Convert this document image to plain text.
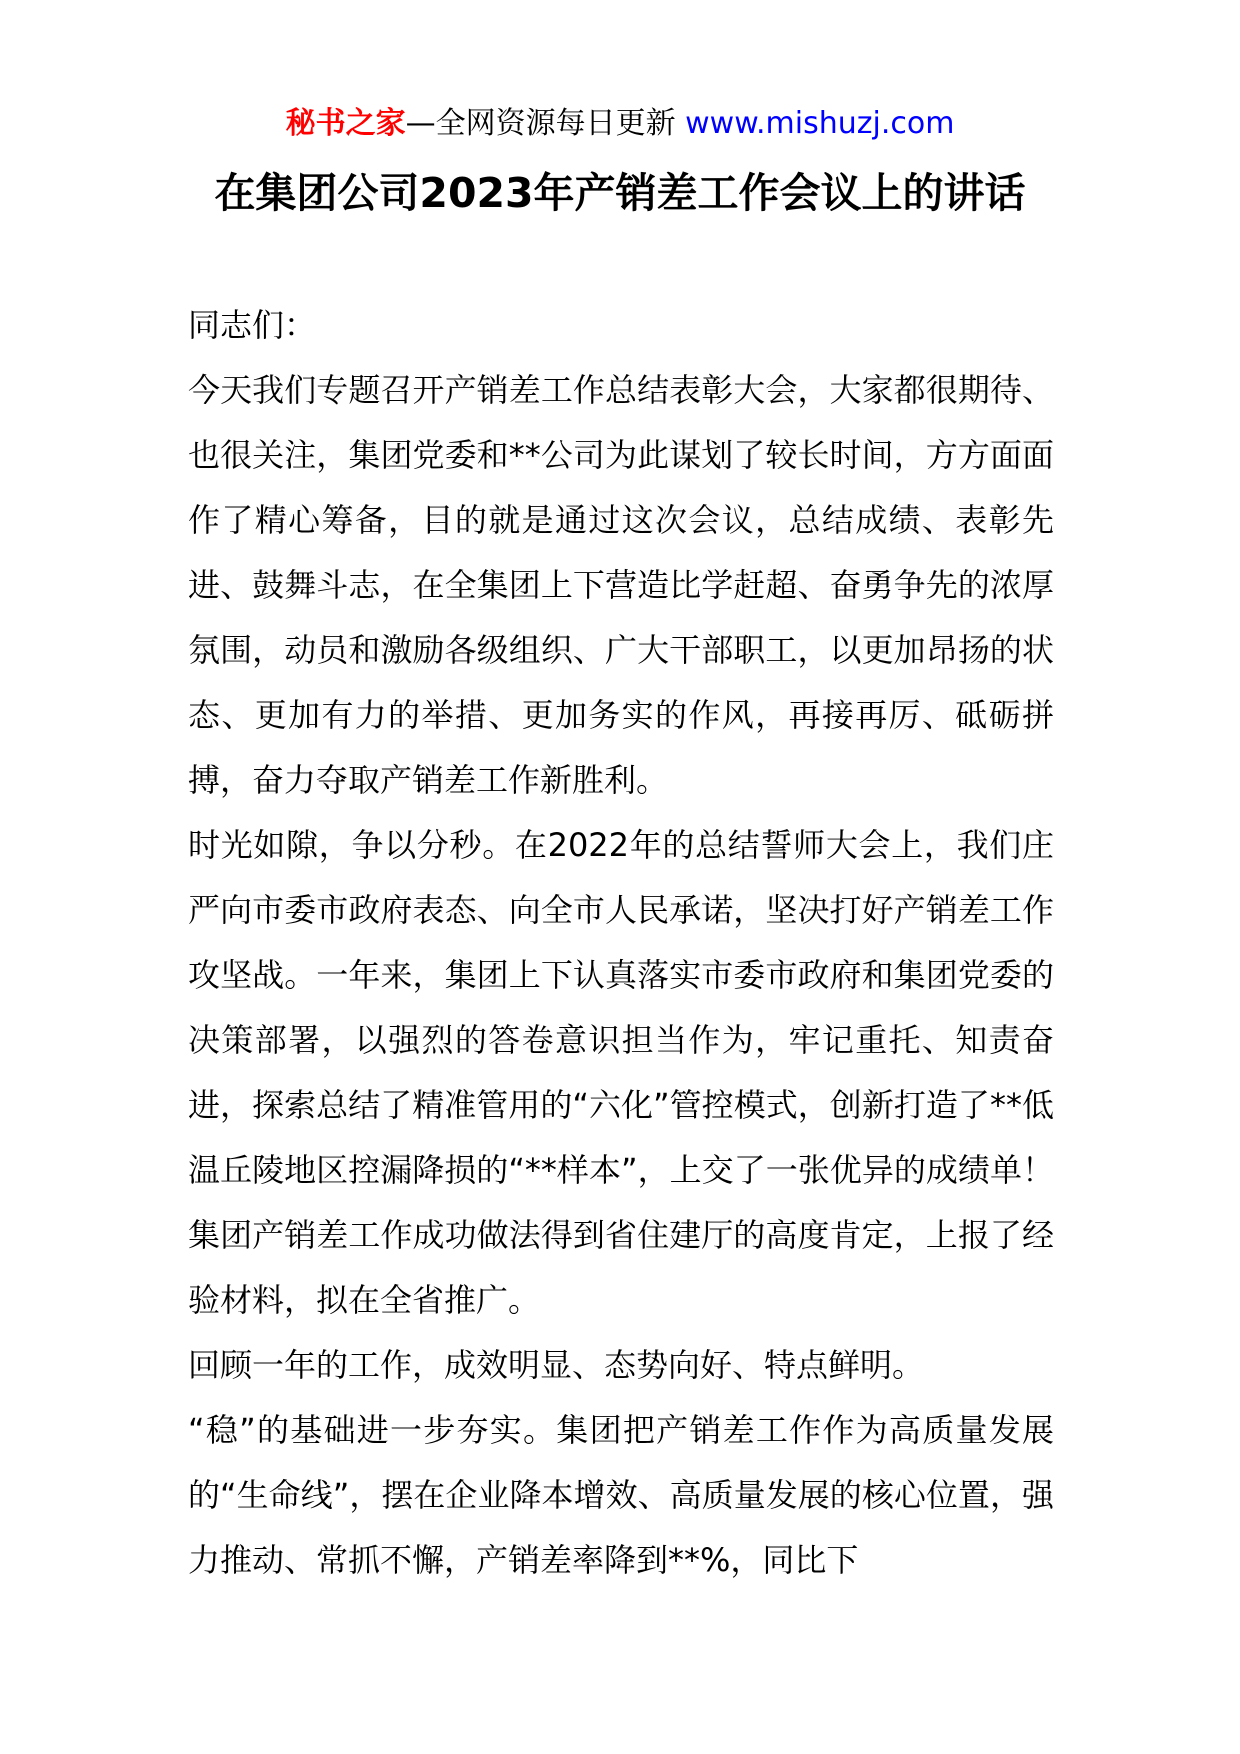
秘书之家—全网资源每日更新 www.mishuzj.com
在集团公司2023年产销差工作会议上的讲话

同志们：

今天我们专题召开产销差工作总结表彰大会，大家都很期待、也很关注，集团党委和**公司为此谋划了较长时间，方方面面作了精心筹备，目的就是通过这次会议，总结成绩、表彰先进、鼓舞斗志，在全集团上下营造比学赶超、奋勇争先的浓厚氛围，动员和激励各级组织、广大干部职工，以更加昂扬的状态、更加有力的举措、更加务实的作风，再接再厉、砥砺拼搏，奋力夺取产销差工作新胜利。

时光如隙，争以分秒。在2022年的总结誓师大会上，我们庄严向市委市政府表态、向全市人民承诺，坚决打好产销差工作攻坚战。一年来，集团上下认真落实市委市政府和集团党委的决策部署，以强烈的答卷意识担当作为，牢记重托、知责奋进，探索总结了精准管用的“六化”管控模式，创新打造了**低温丘陵地区控漏降损的“**样本”，上交了一张优异的成绩单！集团产销差工作成功做法得到省住建厅的高度肯定，上报了经验材料，拟在全省推广。

回顾一年的工作，成效明显、态势向好、特点鲜明。

“稳”的基础进一步夯实。集团把产销差工作作为高质量发展的“生命线”，摆在企业降本增效、高质量发展的核心位置，强力推动、常抓不懈，产销差率降到**%，同比下
